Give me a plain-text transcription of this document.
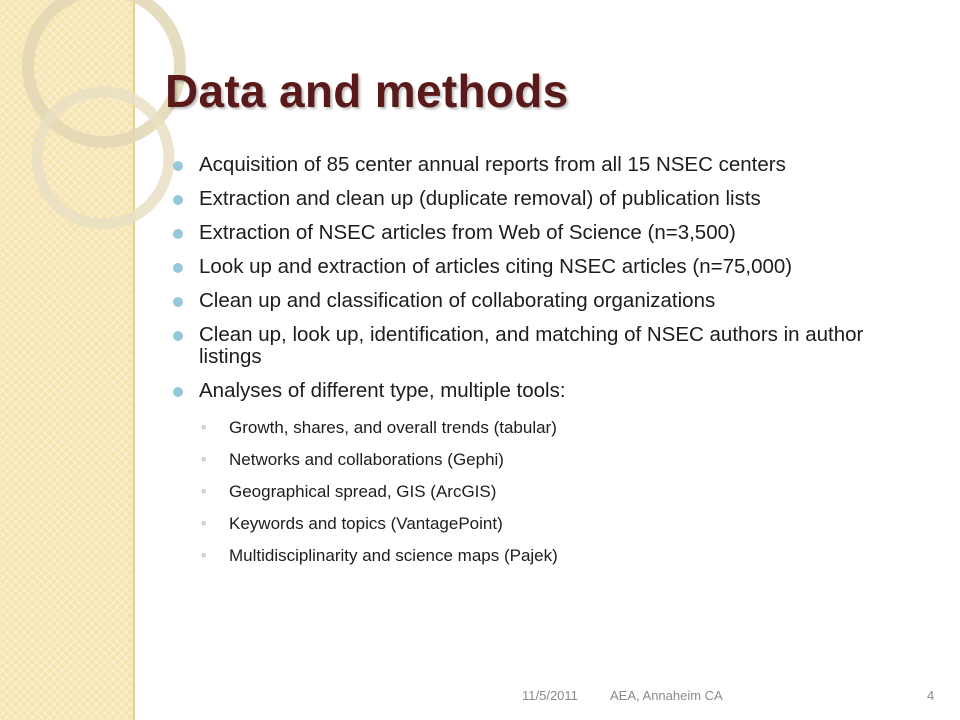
Data and methods
Acquisition of 85 center annual reports from all 15 NSEC centers
Extraction and clean up (duplicate removal) of publication lists
Extraction of NSEC articles from Web of Science (n=3,500)
Look up and extraction of articles citing NSEC articles (n=75,000)
Clean up and classification of collaborating organizations
Clean up, look up, identification, and matching of NSEC authors in author listings
Analyses of different type, multiple tools:
◦ Growth, shares, and overall trends (tabular)
◦ Networks and collaborations (Gephi)
◦ Geographical spread, GIS (ArcGIS)
◦ Keywords and topics (VantagePoint)
◦ Multidisciplinarity and science maps (Pajek)
11/5/2011 AEA, Annaheim CA	4
